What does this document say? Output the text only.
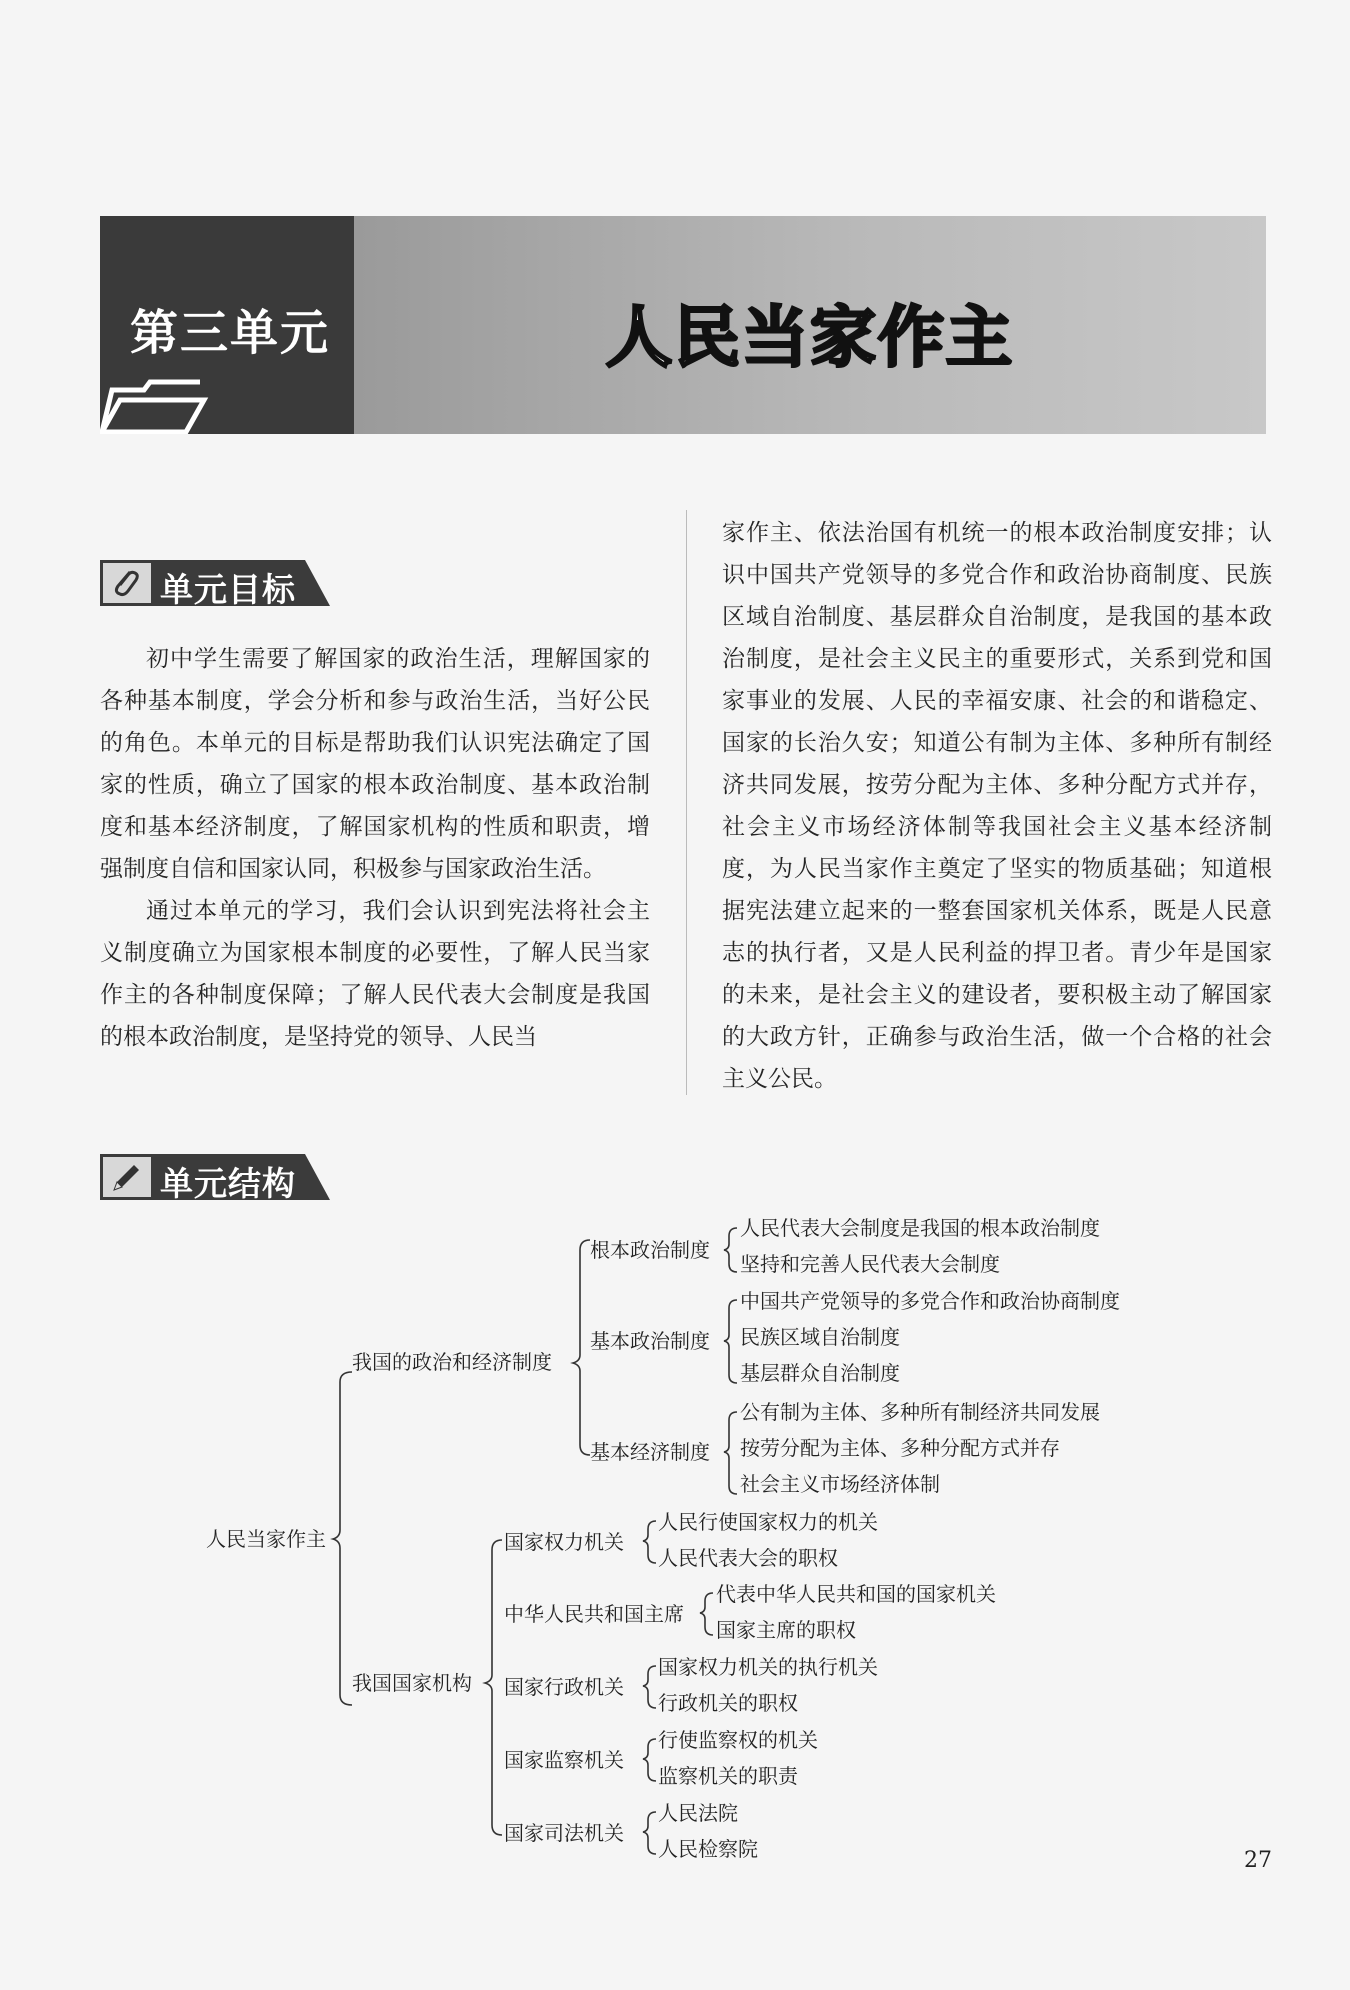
第三单元	人民当家作主
单元目标

初中学生需要了解国家的政治生活，理解国家的各种基本制度，学会分析和参与政治生活，当好公民的角色。本单元的目标是帮助我们认识宪法确定了国家的性质，确立了国家的根本政治制度、基本政治制度和基本经济制度，了解国家机构的性质和职责，增强制度自信和国家认同，积极参与国家政治生活。

通过本单元的学习，我们会认识到宪法将社会主义制度确立为国家根本制度的必要性，了解人民当家作主的各种制度保障；了解人民代表大会制度是我国的根本政治制度，是坚持党的领导、人民当

家作主、依法治国有机统一的根本政治制度安排；认识中国共产党领导的多党合作和政治协商制度、民族区域自治制度、基层群众自治制度，是我国的基本政治制度，是社会主义民主的重要形式，关系到党和国家事业的发展、人民的幸福安康、社会的和谐稳定、国家的长治久安；知道公有制为主体、多种所有制经济共同发展，按劳分配为主体、多种分配方式并存，社会主义市场经济体制等我国社会主义基本经济制度，为人民当家作主奠定了坚实的物质基础；知道根据宪法建立起来的一整套国家机关体系，既是人民意志的执行者，又是人民利益的捍卫者。青少年是国家的未来，是社会主义的建设者，要积极主动了解国家的大政方针，正确参与政治生活，做一个合格的社会主义公民。

单元结构
人民当家作主
我国的政治和经济制度
根本政治制度
人民代表大会制度是我国的根本政治制度
坚持和完善人民代表大会制度
基本政治制度
中国共产党领导的多党合作和政治协商制度
民族区域自治制度
基层群众自治制度
基本经济制度
公有制为主体、多种所有制经济共同发展
按劳分配为主体、多种分配方式并存
社会主义市场经济体制
我国国家机构
国家权力机关
人民行使国家权力的机关
人民代表大会的职权
中华人民共和国主席
代表中华人民共和国的国家机关
国家主席的职权
国家行政机关
国家权力机关的执行机关
行政机关的职权
国家监察机关
行使监察权的机关
监察机关的职责
国家司法机关
人民法院
人民检察院	27
